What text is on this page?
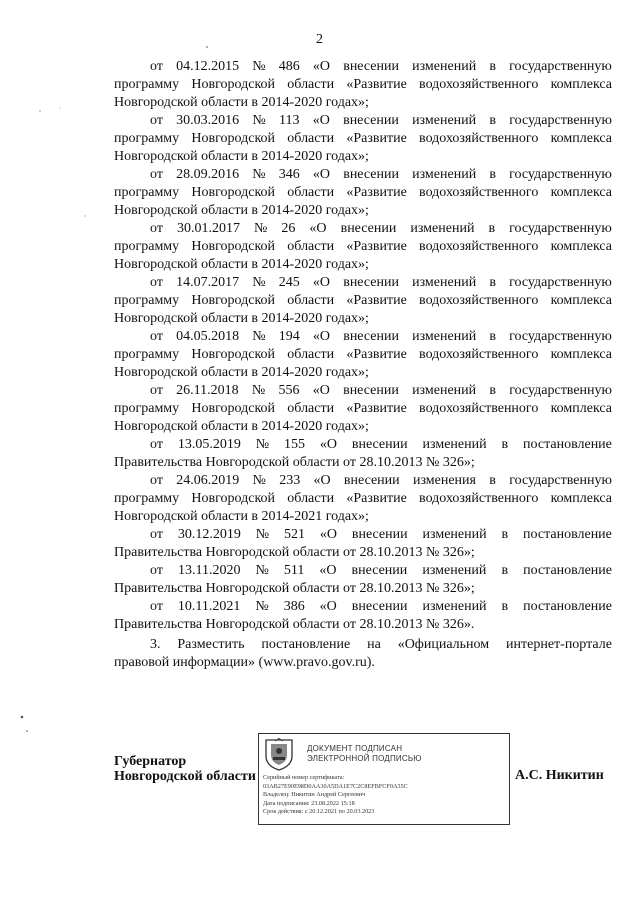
2
от 04.12.2015 № 486 «О внесении изменений в государственную
программу Новгородской области «Развитие водохозяйственного комплекса
Новгородской области в 2014-2020 годах»;
от 30.03.2016 № 113 «О внесении изменений в государственную
программу Новгородской области «Развитие водохозяйственного комплекса
Новгородской области в 2014-2020 годах»;
от 28.09.2016 № 346 «О внесении изменений в государственную
программу Новгородской области «Развитие водохозяйственного комплекса
Новгородской области в 2014-2020 годах»;
от 30.01.2017 № 26 «О внесении изменений в государственную
программу Новгородской области «Развитие водохозяйственного комплекса
Новгородской области в 2014-2020 годах»;
от 14.07.2017 № 245 «О внесении изменений в государственную
программу Новгородской области «Развитие водохозяйственного комплекса
Новгородской области в 2014-2020 годах»;
от 04.05.2018 № 194 «О внесении изменений в государственную
программу Новгородской области «Развитие водохозяйственного комплекса
Новгородской области в 2014-2020 годах»;
от 26.11.2018 № 556 «О внесении изменений в государственную
программу Новгородской области «Развитие водохозяйственного комплекса
Новгородской области в 2014-2020 годах»;
от 13.05.2019 № 155 «О внесении изменений в постановление
Правительства Новгородской области от 28.10.2013 № 326»;
от 24.06.2019 № 233 «О внесении изменения в государственную
программу Новгородской области «Развитие водохозяйственного комплекса
Новгородской области в 2014-2021 годах»;
от 30.12.2019 № 521 «О внесении изменений в постановление
Правительства Новгородской области от 28.10.2013 № 326»;
от 13.11.2020 № 511 «О внесении изменений в постановление
Правительства Новгородской области от 28.10.2013 № 326»;
от 10.11.2021 № 386 «О внесении изменений в постановление
Правительства Новгородской области от 28.10.2013 № 326».
3. Разместить постановление на «Официальном интернет-портале
правовой информации» (www.pravo.gov.ru).
Губернатор
Новгородской области
ДОКУМЕНТ ПОДПИСАН
ЭЛЕКТРОННОЙ ПОДПИСЬЮ
Серийный номер сертификата:
03AB27E90E98D0AA30A5DA1E7C2C8EFBFCF0A35C
Владелец: Никитин Андрей Сергеевич
Дата подписания: 23.08.2022 15:18
Срок действия: с 20.12.2021 по 20.03.2023
А.С. Никитин
